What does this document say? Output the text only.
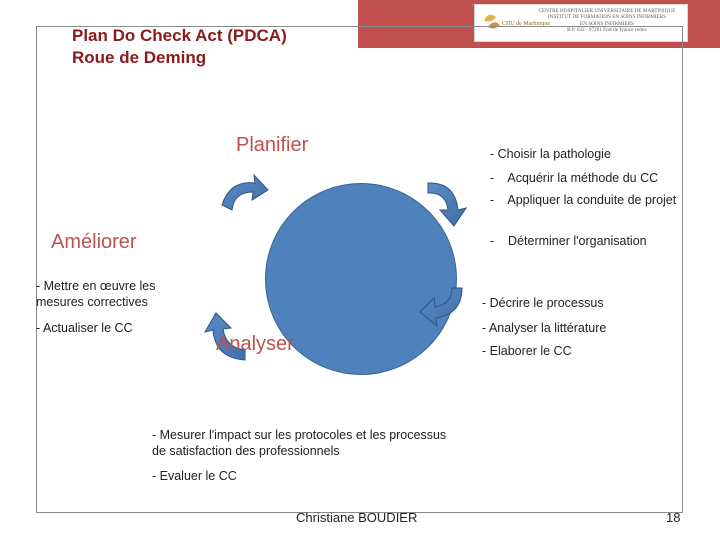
CHU de Martinique
CENTRE HOSPITALIER UNIVERSITAIRE DE MARTINIQUE
INSTITUT DE FORMATION EN SOINS INFIRMIERS
EN SOINS INFIRMIERS
B.P. 632 - 97261 Fort de France cedex
Plan Do Check Act (PDCA)
Roue de Deming
Planifier
Améliorer
Analyser
- Choisir la pathologie
-    Acquérir la méthode du CC
-    Appliquer la conduite de projet
-    Déterminer l'organisation
- Décrire le processus
- Analyser la littérature
- Elaborer le CC
- Mettre en œuvre les mesures correctives
- Actualiser le CC
- Mesurer l'impact sur les protocoles et les processus de satisfaction des professionnels
- Evaluer le CC
Christiane BOUDIER	18
